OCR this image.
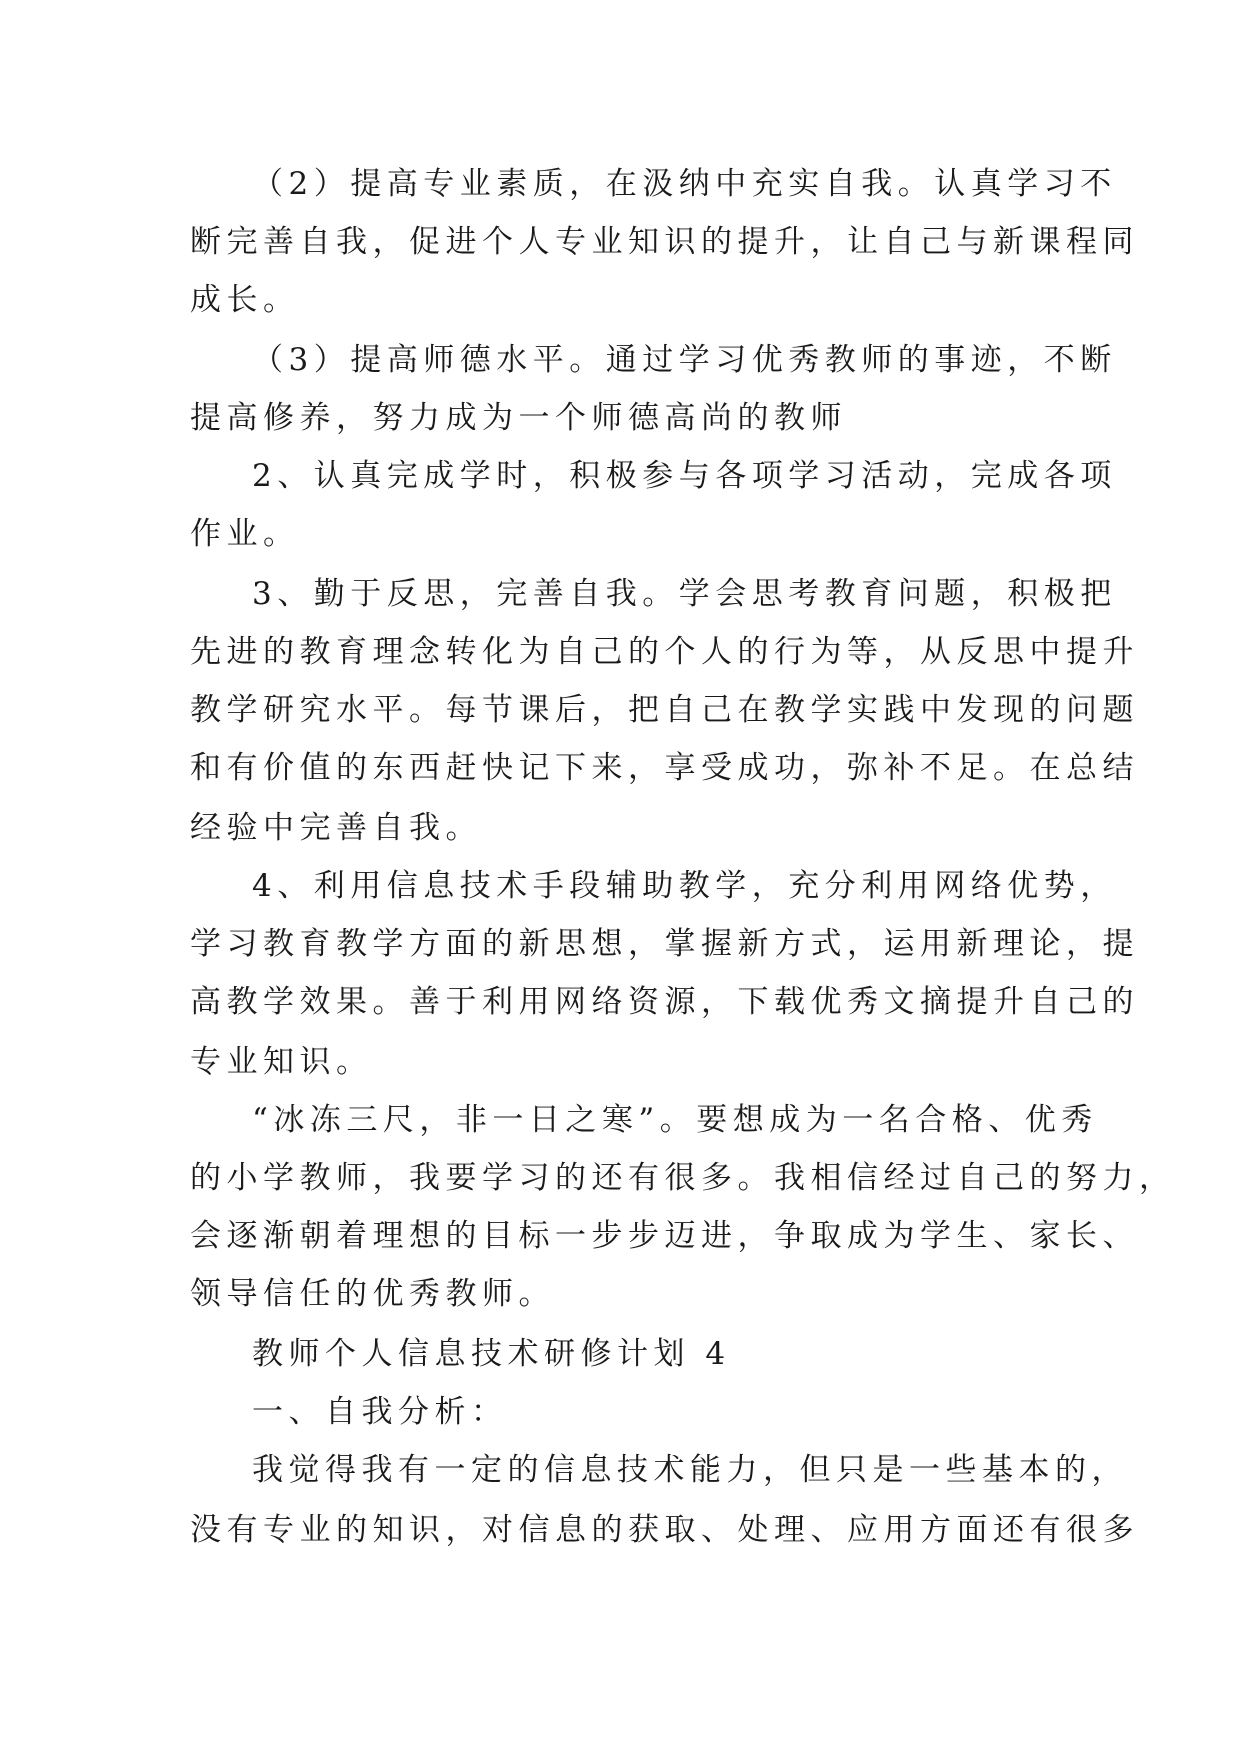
（2）提高专业素质，在汲纳中充实自我。认真学习不
断完善自我，促进个人专业知识的提升，让自己与新课程同
成长。
（3）提高师德水平。通过学习优秀教师的事迹，不断
提高修养，努力成为一个师德高尚的教师
2、认真完成学时，积极参与各项学习活动，完成各项
作业。
3、勤于反思，完善自我。学会思考教育问题，积极把
先进的教育理念转化为自己的个人的行为等，从反思中提升
教学研究水平。每节课后，把自己在教学实践中发现的问题
和有价值的东西赶快记下来，享受成功，弥补不足。在总结
经验中完善自我。
4、利用信息技术手段辅助教学，充分利用网络优势，
学习教育教学方面的新思想，掌握新方式，运用新理论，提
高教学效果。善于利用网络资源，下载优秀文摘提升自己的
专业知识。
“冰冻三尺，非一日之寒”。要想成为一名合格、优秀
的小学教师，我要学习的还有很多。我相信经过自己的努力，
会逐渐朝着理想的目标一步步迈进，争取成为学生、家长、
领导信任的优秀教师。
教师个人信息技术研修计划 4
一、自我分析：
我觉得我有一定的信息技术能力，但只是一些基本的，
没有专业的知识，对信息的获取、处理、应用方面还有很多
